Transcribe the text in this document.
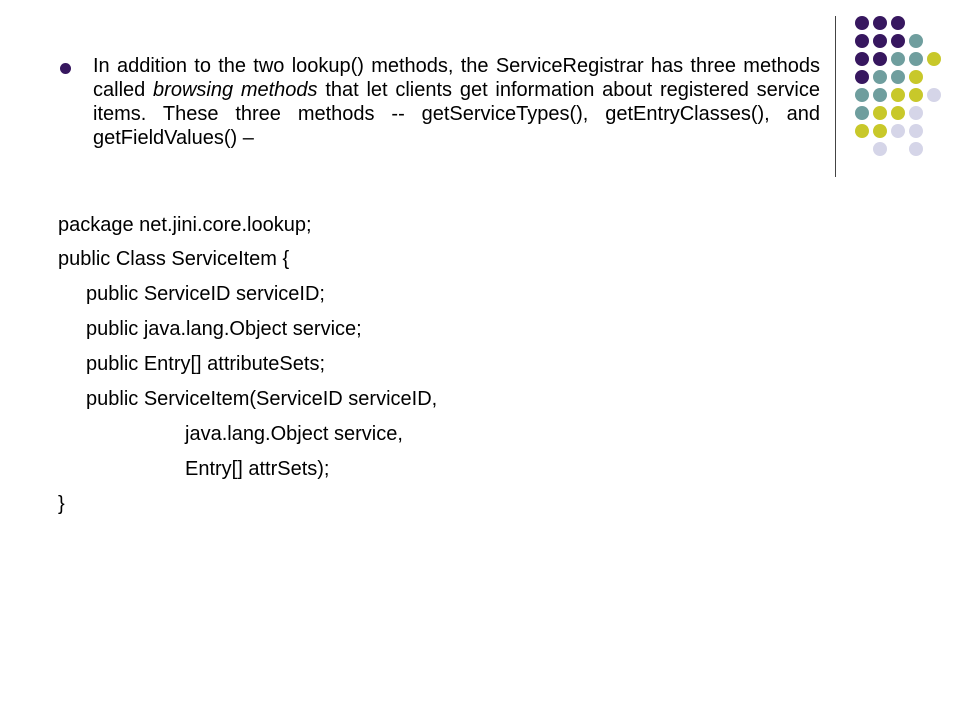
In addition to the two lookup() methods, the ServiceRegistrar has three methods called browsing methods that let clients get information about registered service items. These three methods -- getServiceTypes(), getEntryClasses(), and getFieldValues() –
package net.jini.core.lookup;
public Class ServiceItem {
public ServiceID serviceID;
public java.lang.Object service;
public Entry[] attributeSets;
public ServiceItem(ServiceID serviceID,
java.lang.Object service,
Entry[] attrSets);
}
